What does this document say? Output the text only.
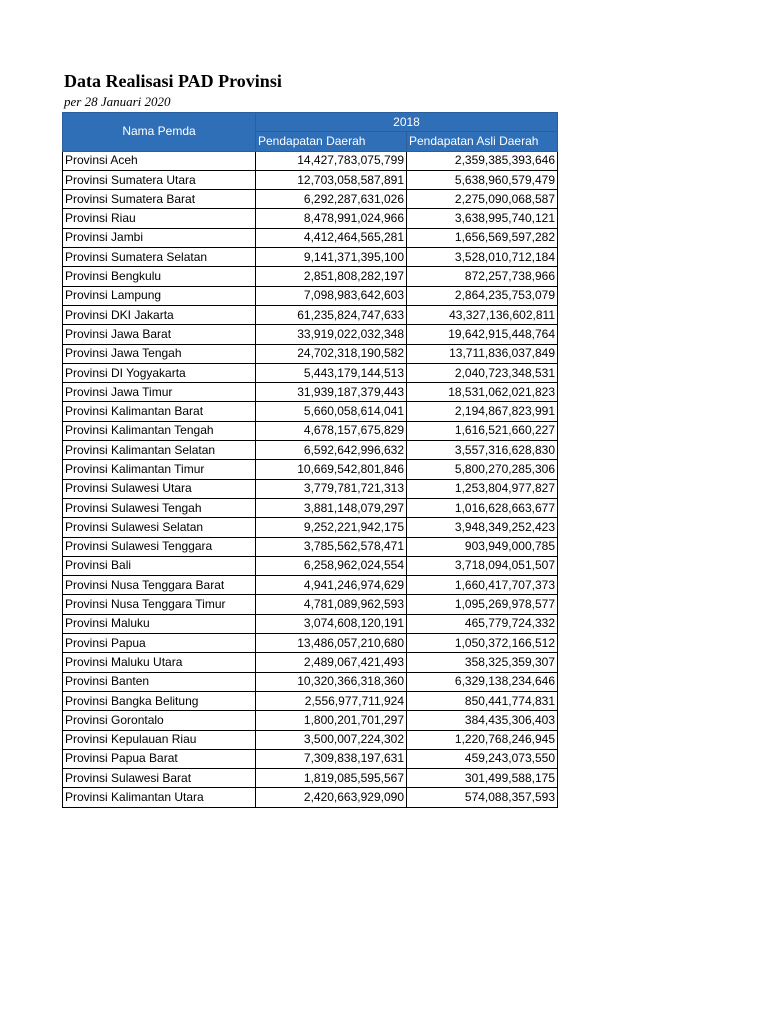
Data Realisasi PAD Provinsi
per 28 Januari 2020
Nama Pemda	2018	
	Pendapatan Daerah	Pendapatan Asli Daerah
Provinsi Aceh	14,427,783,075,799	2,359,385,393,646
Provinsi Sumatera Utara	12,703,058,587,891	5,638,960,579,479
Provinsi Sumatera Barat	6,292,287,631,026	2,275,090,068,587
Provinsi Riau	8,478,991,024,966	3,638,995,740,121
Provinsi Jambi	4,412,464,565,281	1,656,569,597,282
Provinsi Sumatera Selatan	9,141,371,395,100	3,528,010,712,184
Provinsi Bengkulu	2,851,808,282,197	872,257,738,966
Provinsi Lampung	7,098,983,642,603	2,864,235,753,079
Provinsi DKI Jakarta	61,235,824,747,633	43,327,136,602,811
Provinsi Jawa Barat	33,919,022,032,348	19,642,915,448,764
Provinsi Jawa Tengah	24,702,318,190,582	13,711,836,037,849
Provinsi DI Yogyakarta	5,443,179,144,513	2,040,723,348,531
Provinsi Jawa Timur	31,939,187,379,443	18,531,062,021,823
Provinsi Kalimantan Barat	5,660,058,614,041	2,194,867,823,991
Provinsi Kalimantan Tengah	4,678,157,675,829	1,616,521,660,227
Provinsi Kalimantan Selatan	6,592,642,996,632	3,557,316,628,830
Provinsi Kalimantan Timur	10,669,542,801,846	5,800,270,285,306
Provinsi Sulawesi Utara	3,779,781,721,313	1,253,804,977,827
Provinsi Sulawesi Tengah	3,881,148,079,297	1,016,628,663,677
Provinsi Sulawesi Selatan	9,252,221,942,175	3,948,349,252,423
Provinsi Sulawesi Tenggara	3,785,562,578,471	903,949,000,785
Provinsi Bali	6,258,962,024,554	3,718,094,051,507
Provinsi Nusa Tenggara Barat	4,941,246,974,629	1,660,417,707,373
Provinsi Nusa Tenggara Timur	4,781,089,962,593	1,095,269,978,577
Provinsi Maluku	3,074,608,120,191	465,779,724,332
Provinsi Papua	13,486,057,210,680	1,050,372,166,512
Provinsi Maluku Utara	2,489,067,421,493	358,325,359,307
Provinsi Banten	10,320,366,318,360	6,329,138,234,646
Provinsi Bangka Belitung	2,556,977,711,924	850,441,774,831
Provinsi Gorontalo	1,800,201,701,297	384,435,306,403
Provinsi Kepulauan Riau	3,500,007,224,302	1,220,768,246,945
Provinsi Papua Barat	7,309,838,197,631	459,243,073,550
Provinsi Sulawesi Barat	1,819,085,595,567	301,499,588,175
Provinsi Kalimantan Utara	2,420,663,929,090	574,088,357,593
